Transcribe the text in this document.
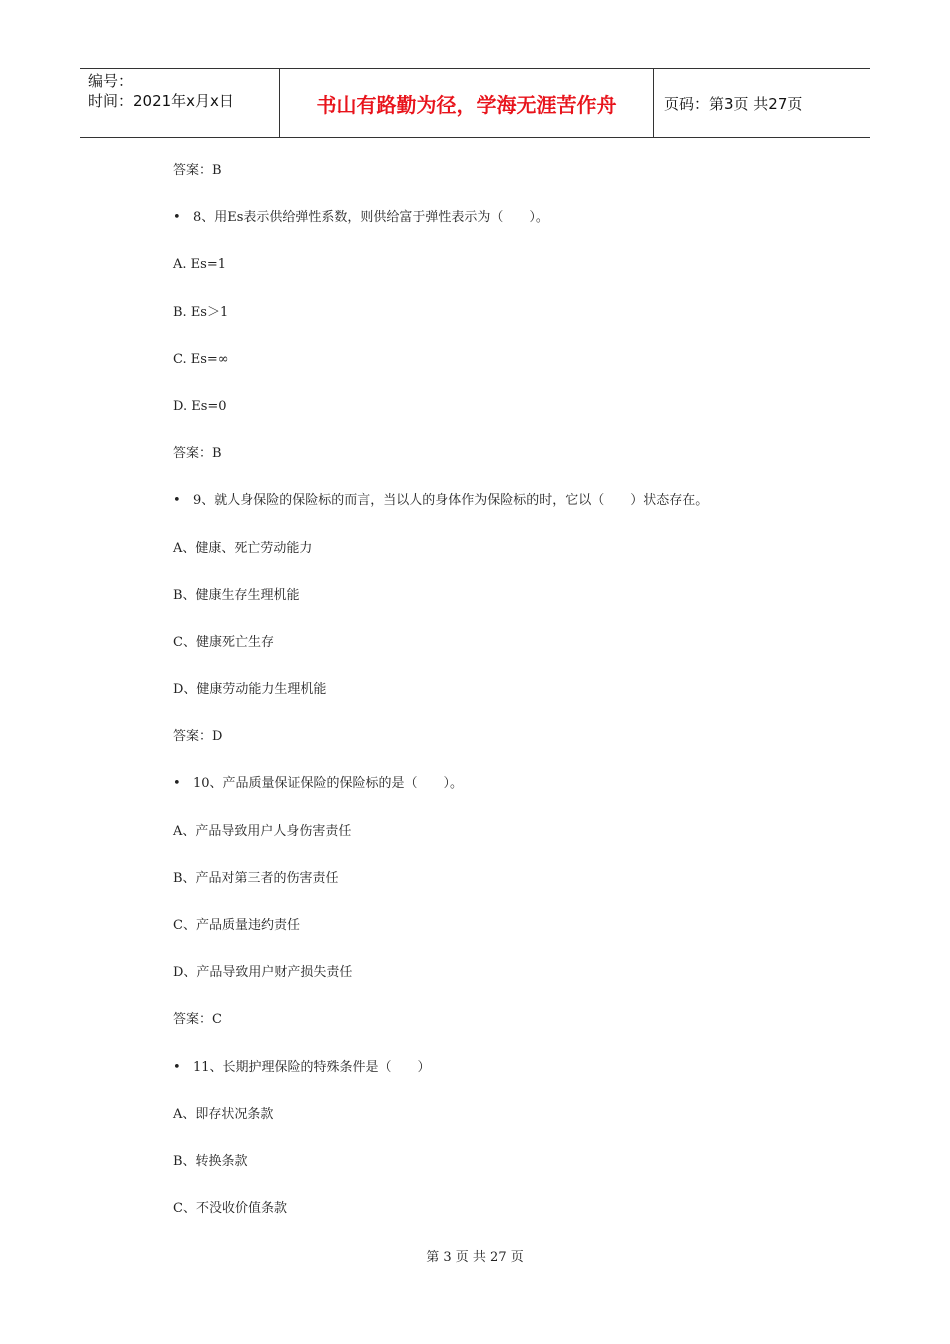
编号：
时间：2021年x月x日	书山有路勤为径，学海无涯苦作舟	页码：第3页 共27页
答案：B
• 8、用Es表示供给弹性系数，则供给富于弹性表示为（　　）。
A. Es=1
B. Es＞1
C. Es=∞
D. Es=0
答案：B
• 9、就人身保险的保险标的而言，当以人的身体作为保险标的时，它以（　　）状态存在。
A、健康、死亡劳动能力
B、健康生存生理机能
C、健康死亡生存
D、健康劳动能力生理机能
答案：D
• 10、产品质量保证保险的保险标的是（　　）。
A、产品导致用户人身伤害责任
B、产品对第三者的伤害责任
C、产品质量违约责任
D、产品导致用户财产损失责任
答案：C
• 11、长期护理保险的特殊条件是（　　）
A、即存状况条款
B、转换条款
C、不没收价值条款
第 3 页 共 27 页
